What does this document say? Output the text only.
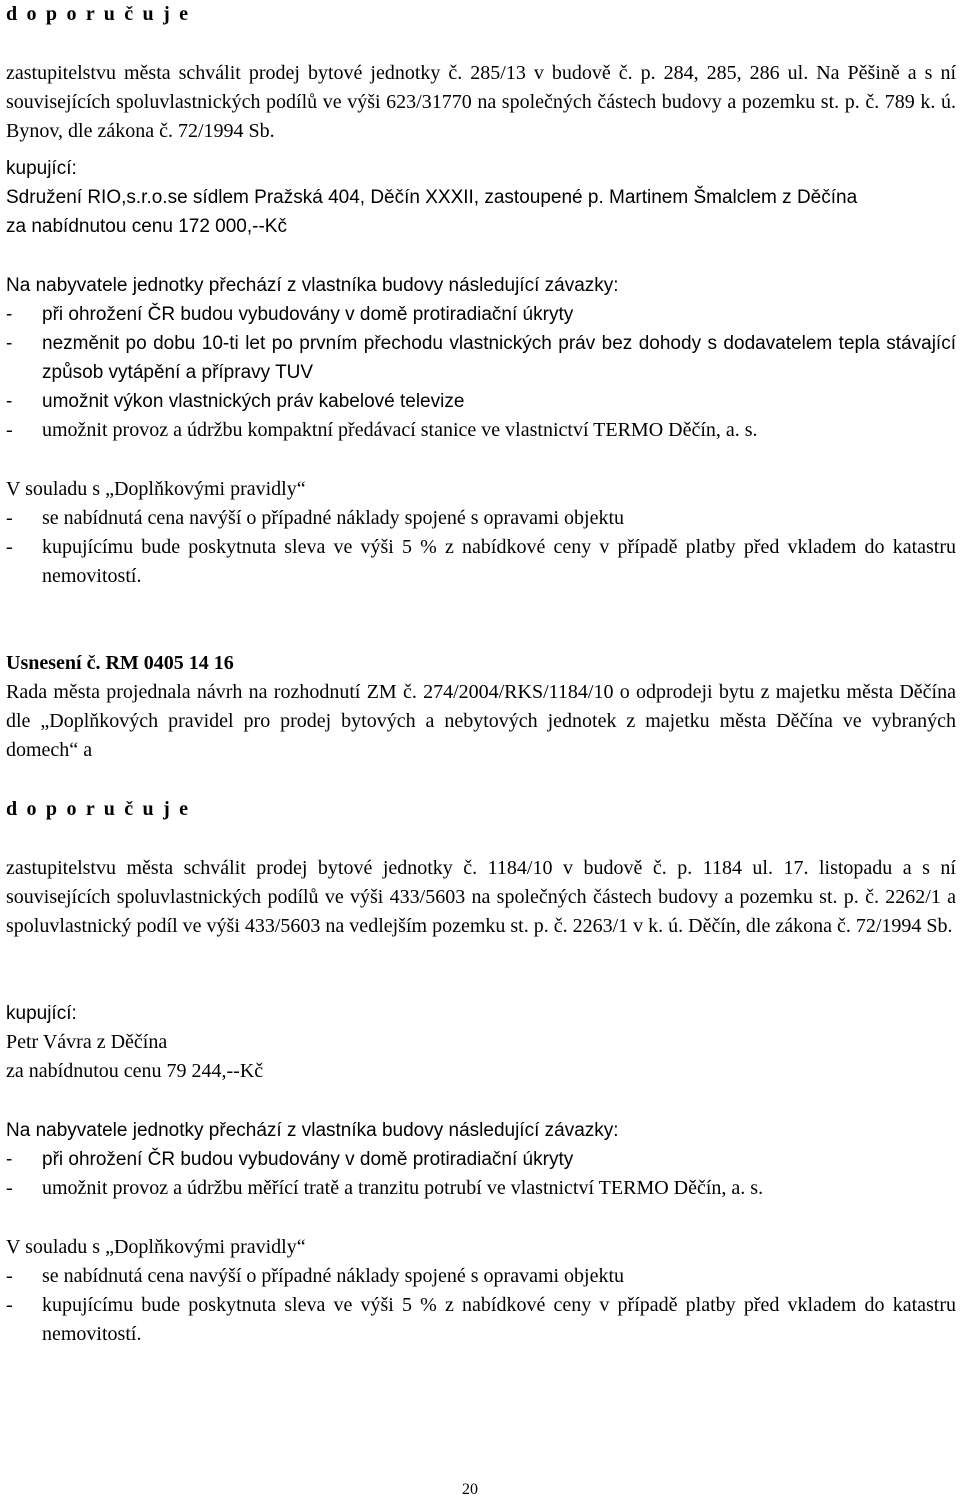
d o p o r u č u j e

zastupitelstvu města schválit prodej bytové jednotky č. 285/13 v budově č. p. 284, 285, 286 ul. Na Pěšině a s ní souvisejících spoluvlastnických podílů ve výši 623/31770 na společných částech budovy a pozemku st. p. č. 789 k. ú. Bynov, dle zákona č. 72/1994 Sb.

kupující:

Sdružení RIO,s.r.o.se sídlem Pražská 404, Děčín XXXII, zastoupené p. Martinem Šmalclem z Děčína

za nabídnutou cenu 172 000,--Kč

Na nabyvatele jednotky přechází z vlastníka budovy následující závazky:

- při ohrožení ČR budou vybudovány v domě protiradiační úkryty
- nezměnit po dobu 10-ti let po prvním přechodu vlastnických práv bez dohody s dodavatelem tepla stávající způsob vytápění a přípravy TUV
- umožnit výkon vlastnických práv kabelové televize
- umožnit provoz a údržbu kompaktní předávací stanice ve vlastnictví TERMO Děčín, a. s.

V souladu s „Doplňkovými pravidly“

- se nabídnutá cena navýší o případné náklady spojené s opravami objektu
- kupujícímu bude poskytnuta sleva ve výši 5 % z nabídkové ceny v případě platby před vkladem do katastru nemovitostí.

Usnesení č. RM 0405 14 16

Rada města projednala návrh na rozhodnutí ZM č. 274/2004/RKS/1184/10 o odprodeji bytu z majetku města Děčína dle „Doplňkových pravidel pro prodej bytových a nebytových jednotek z majetku města Děčína ve vybraných domech“ a

d o p o r u č u j e

zastupitelstvu města schválit prodej bytové jednotky č. 1184/10 v budově č. p. 1184 ul. 17. listopadu a s ní souvisejících spoluvlastnických podílů ve výši 433/5603 na společných částech budovy a pozemku st. p. č. 2262/1 a spoluvlastnický podíl ve výši 433/5603 na vedlejším pozemku st. p. č. 2263/1 v k. ú. Děčín, dle zákona č. 72/1994 Sb.

kupující:

Petr Vávra z Děčína

za nabídnutou cenu 79 244,--Kč

Na nabyvatele jednotky přechází z vlastníka budovy následující závazky:

- při ohrožení ČR budou vybudovány v domě protiradiační úkryty
- umožnit provoz a údržbu měřící tratě a tranzitu potrubí ve vlastnictví TERMO Děčín, a. s.

V souladu s „Doplňkovými pravidly“

- se nabídnutá cena navýší o případné náklady spojené s opravami objektu
- kupujícímu bude poskytnuta sleva ve výši 5 % z nabídkové ceny v případě platby před vkladem do katastru nemovitostí.
20
